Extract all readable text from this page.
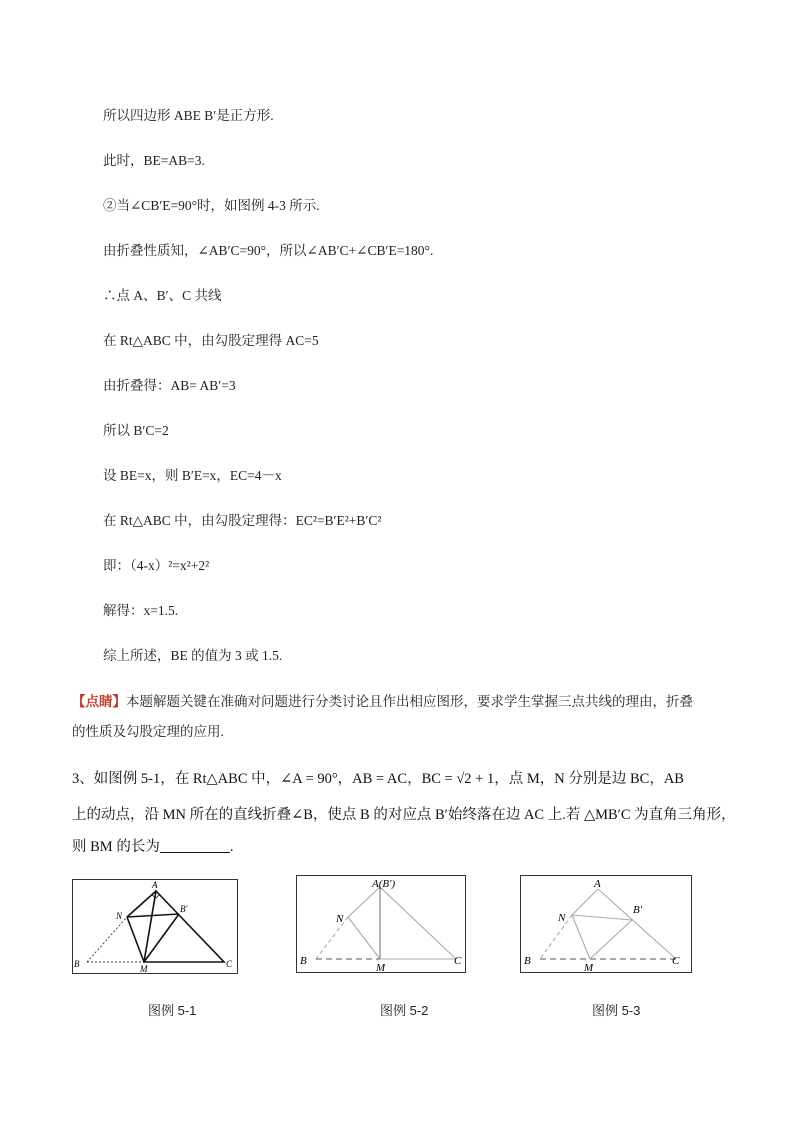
所以四边形 ABE B′是正方形.
此时，BE=AB=3.
②当∠CB′E=90°时，如图例 4-3 所示.
由折叠性质知，∠AB′C=90°，所以∠AB′C+∠CB′E=180°.
∴点 A、B′、C 共线
在 Rt△ABC 中，由勾股定理得 AC=5
由折叠得：AB= AB′=3
所以 B′C=2
设 BE=x，则 B′E=x，EC=4－x
在 Rt△ABC 中，由勾股定理得：EC²=B′E²+B′C²
即：（4-x）²=x²+2²
解得：x=1.5.
综上所述，BE 的值为 3 或 1.5.
【点睛】本题解题关键在准确对问题进行分类讨论且作出相应图形，要求学生掌握三点共线的理由，折叠
的性质及勾股定理的应用.
3、如图例 5-1，在 Rt△ABC 中，∠A = 90°，AB = AC，BC = √2 + 1，点 M，N 分别是边 BC，AB
上的动点，沿 MN 所在的直线折叠∠B，使点 B 的对应点 B′始终落在边 AC 上.若 △MB′C 为直角三角形，
则 BM 的长为	.
A
N
B′
B	M	C
图例 5-1
A(B′)
N
B
M
C
图例 5-2
A
N
B′
B
M
C
图例 5-3
